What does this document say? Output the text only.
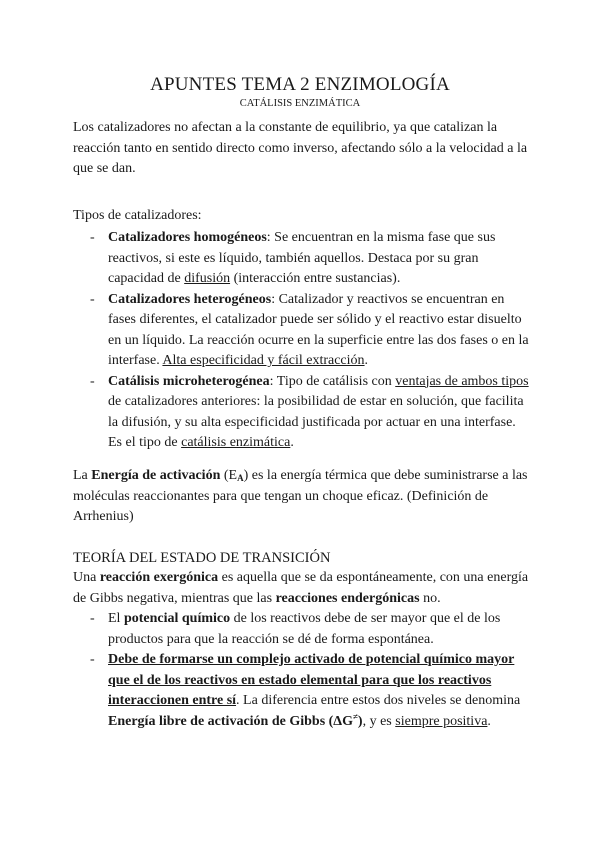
APUNTES TEMA 2 ENZIMOLOGÍA
CATÁLISIS ENZIMÁTICA

Los catalizadores no afectan a la constante de equilibrio, ya que catalizan la reacción tanto en sentido directo como inverso, afectando sólo a la velocidad a la que se dan.

Tipos de catalizadores:

- Catalizadores homogéneos: Se encuentran en la misma fase que sus reactivos, si este es líquido, también aquellos. Destaca por su gran capacidad de difusión (interacción entre sustancias).
- Catalizadores heterogéneos: Catalizador y reactivos se encuentran en fases diferentes, el catalizador puede ser sólido y el reactivo estar disuelto en un líquido. La reacción ocurre en la superficie entre las dos fases o en la interfase. Alta especificidad y fácil extracción.
- Catálisis microheterogénea: Tipo de catálisis con ventajas de ambos tipos de catalizadores anteriores: la posibilidad de estar en solución, que facilita la difusión, y su alta especificidad justificada por actuar en una interfase. Es el tipo de catálisis enzimática.

La Energía de activación $(E_A)$ es la energía térmica que debe suministrarse a las moléculas reaccionantes para que tengan un choque eficaz. (Definición de Arrhenius)

TEORÍA DEL ESTADO DE TRANSICIÓN

Una reacción exergónica es aquella que se da espontáneamente, con una energía de Gibbs negativa, mientras que las reacciones endergónicas no.

- El potencial químico de los reactivos debe de ser mayor que el de los productos para que la reacción se dé de forma espontánea.
- Debe de formarse un complejo activado de potencial químico mayor que el de los reactivos en estado elemental para que los reactivos interaccionen entre sí. La diferencia entre estos dos niveles se denomina Energía libre de activación de Gibbs (ΔG≠), y es siempre positiva.
